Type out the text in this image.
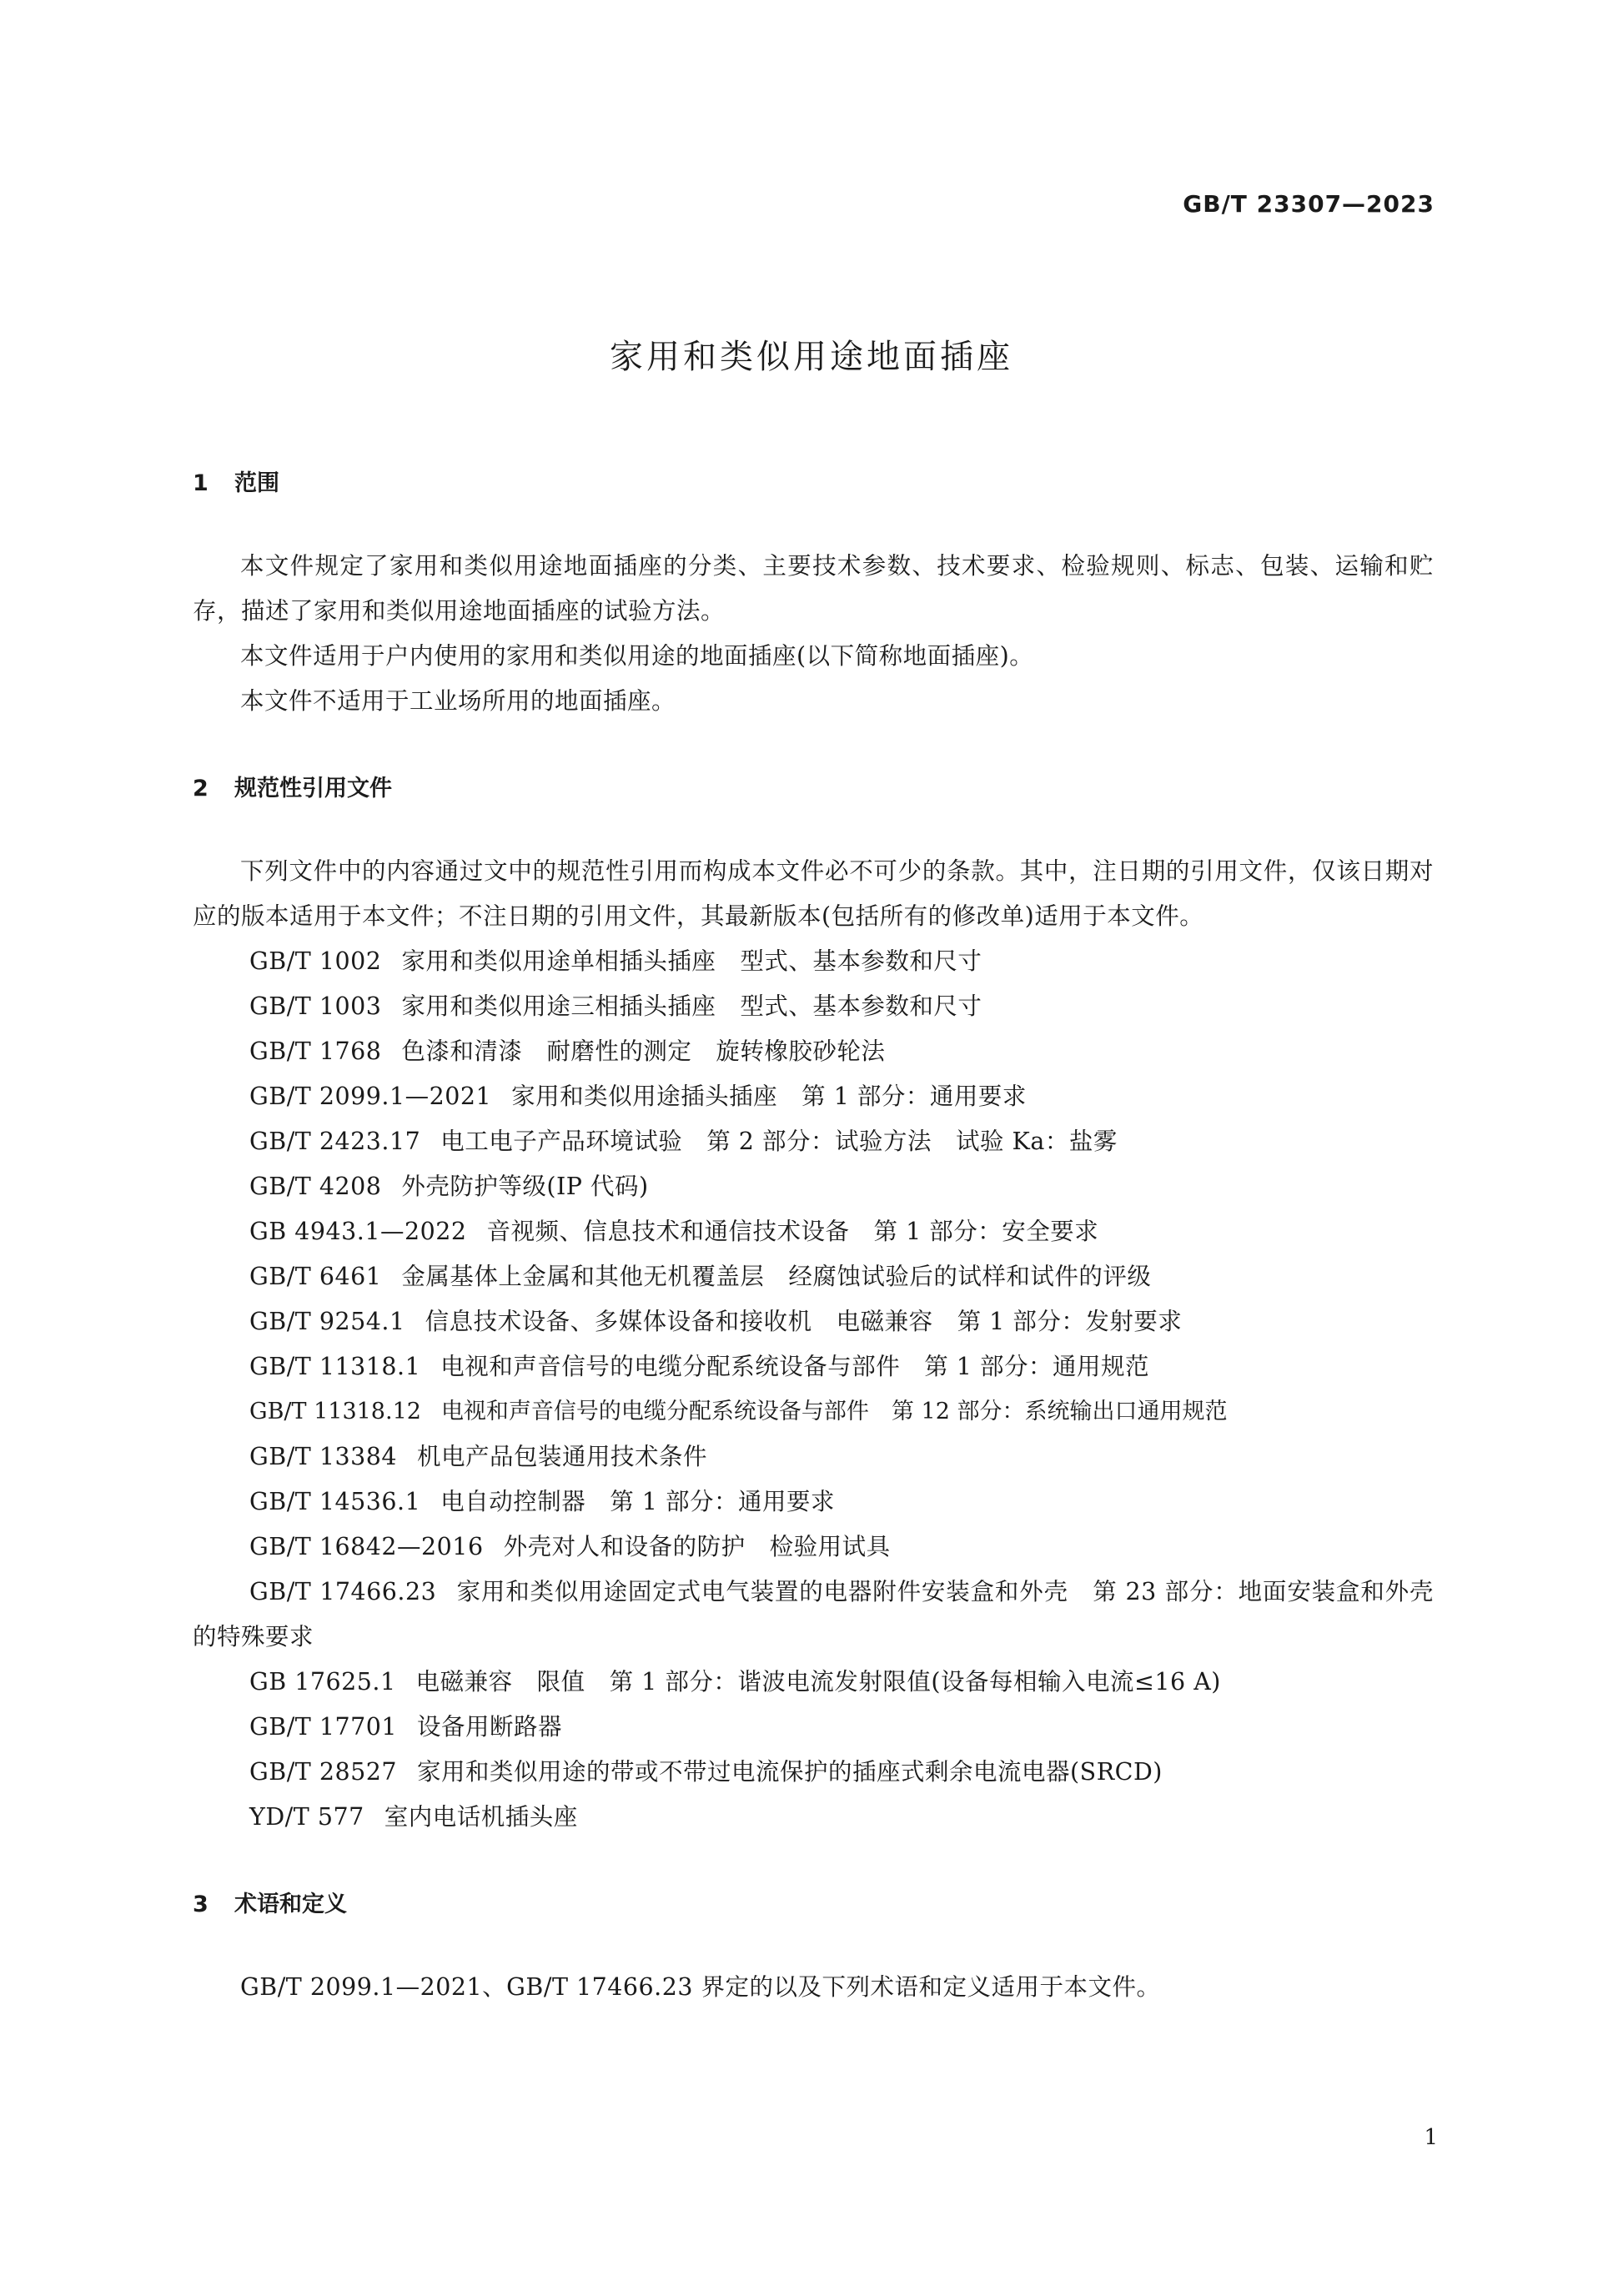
GB/T 23307—2023
家用和类似用途地面插座
1 范围

本文件规定了家用和类似用途地面插座的分类、主要技术参数、技术要求、检验规则、标志、包装、运输和贮存，描述了家用和类似用途地面插座的试验方法。

本文件适用于户内使用的家用和类似用途的地面插座(以下简称地面插座)。

本文件不适用于工业场所用的地面插座。

2 规范性引用文件

下列文件中的内容通过文中的规范性引用而构成本文件必不可少的条款。其中，注日期的引用文件，仅该日期对应的版本适用于本文件；不注日期的引用文件，其最新版本(包括所有的修改单)适用于本文件。

GB/T 1002 家用和类似用途单相插头插座　型式、基本参数和尺寸
GB/T 1003 家用和类似用途三相插头插座　型式、基本参数和尺寸
GB/T 1768 色漆和清漆　耐磨性的测定　旋转橡胶砂轮法
GB/T 2099.1—2021 家用和类似用途插头插座　第 1 部分：通用要求
GB/T 2423.17 电工电子产品环境试验　第 2 部分：试验方法　试验 Ka：盐雾
GB/T 4208 外壳防护等级(IP 代码)
GB 4943.1—2022 音视频、信息技术和通信技术设备　第 1 部分：安全要求
GB/T 6461 金属基体上金属和其他无机覆盖层　经腐蚀试验后的试样和试件的评级
GB/T 9254.1 信息技术设备、多媒体设备和接收机　电磁兼容　第 1 部分：发射要求
GB/T 11318.1 电视和声音信号的电缆分配系统设备与部件　第 1 部分：通用规范
GB/T 11318.12 电视和声音信号的电缆分配系统设备与部件　第 12 部分：系统输出口通用规范
GB/T 13384 机电产品包装通用技术条件
GB/T 14536.1 电自动控制器　第 1 部分：通用要求
GB/T 16842—2016 外壳对人和设备的防护　检验用试具
GB/T 17466.23 家用和类似用途固定式电气装置的电器附件安装盒和外壳　第 23 部分：地面安装盒和外壳的特殊要求
GB 17625.1 电磁兼容　限值　第 1 部分：谐波电流发射限值(设备每相输入电流≤16 A)
GB/T 17701 设备用断路器
GB/T 28527 家用和类似用途的带或不带过电流保护的插座式剩余电流电器(SRCD)
YD/T 577 室内电话机插头座
3 术语和定义

GB/T 2099.1—2021、GB/T 17466.23 界定的以及下列术语和定义适用于本文件。

1
